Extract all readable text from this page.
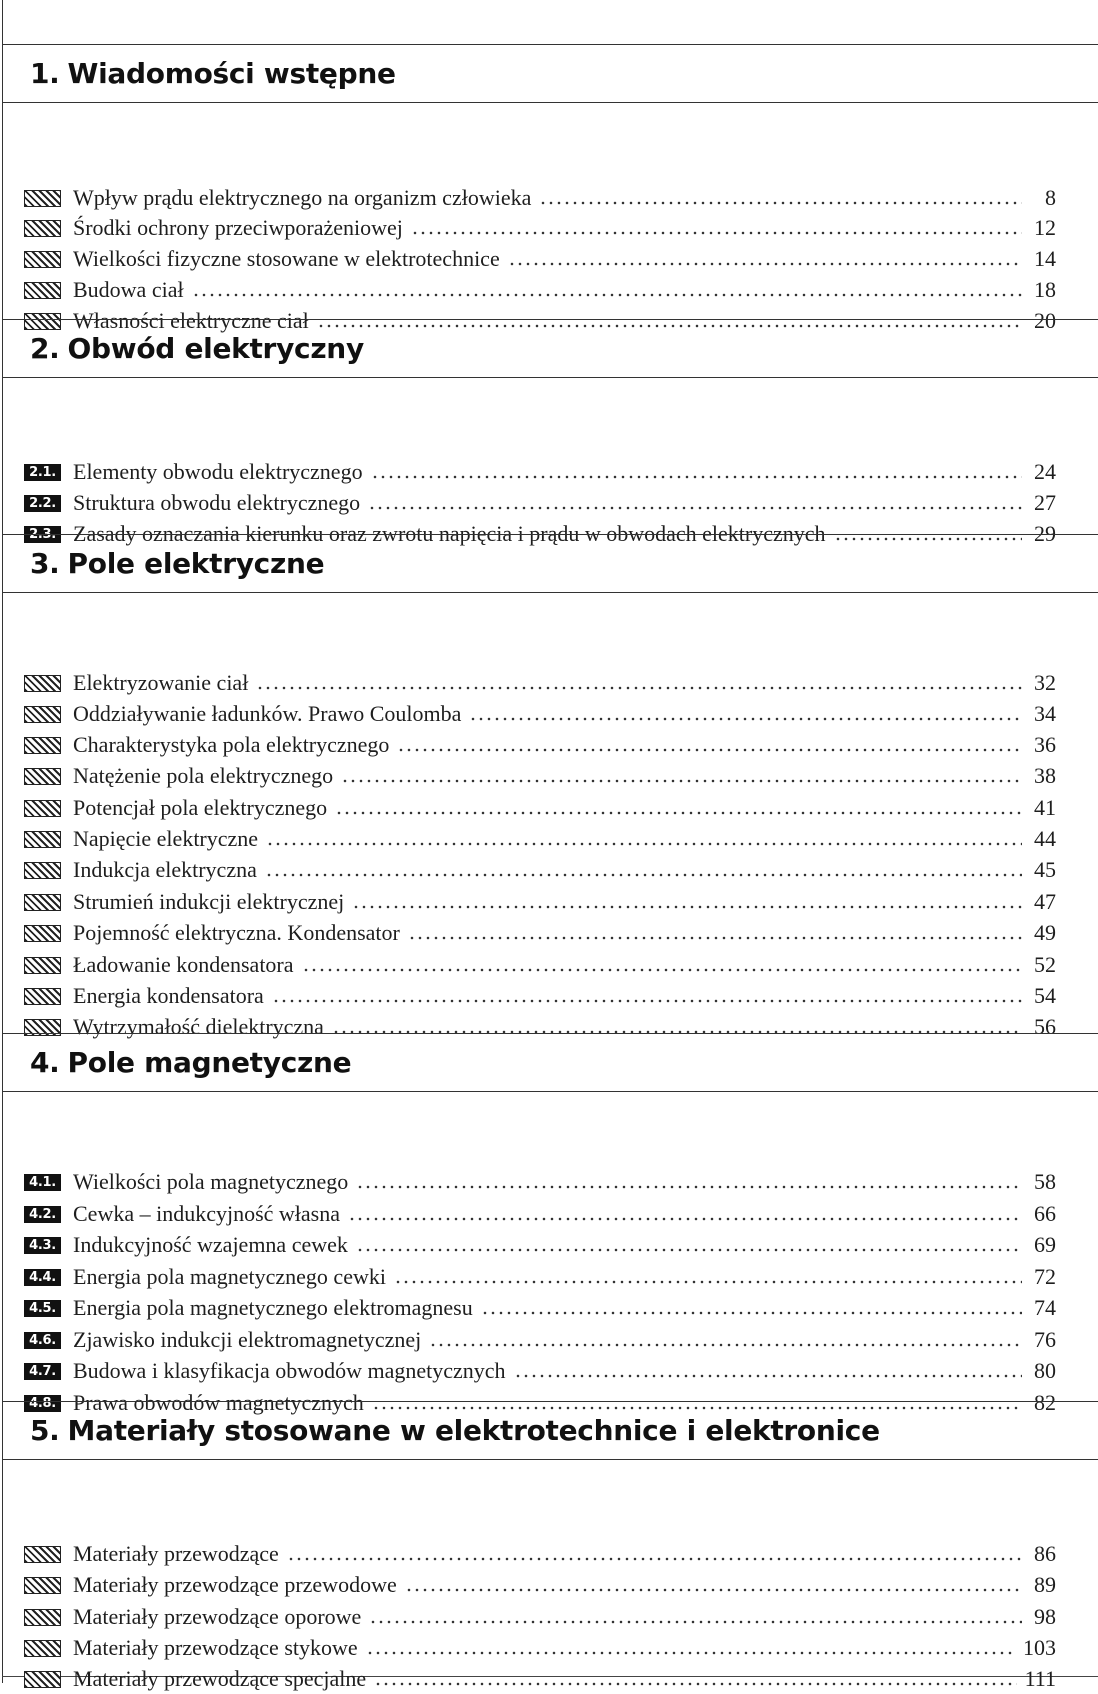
1. Wiadomości wstępne
Wpływ prądu elektrycznego na organizm człowieka	8
Środki ochrony przeciwporażeniowej	12
Wielkości fizyczne stosowane w elektrotechnice	14
Budowa ciał	18
Własności elektryczne ciał	20
2. Obwód elektryczny
2.1. Elementy obwodu elektrycznego	24
2.2. Struktura obwodu elektrycznego	27
2.3. Zasady oznaczania kierunku oraz zwrotu napięcia i prądu w obwodach elektrycznych	29
3. Pole elektryczne
Elektryzowanie ciał	32
Oddziaływanie ładunków. Prawo Coulomba	34
Charakterystyka pola elektrycznego	36
Natężenie pola elektrycznego	38
Potencjał pola elektrycznego	41
Napięcie elektryczne	44
Indukcja elektryczna	45
Strumień indukcji elektrycznej	47
Pojemność elektryczna. Kondensator	49
Ładowanie kondensatora	52
Energia kondensatora	54
Wytrzymałość dielektryczna	56
4. Pole magnetyczne
4.1. Wielkości pola magnetycznego	58
4.2. Cewka – indukcyjność własna	66
4.3. Indukcyjność wzajemna cewek	69
4.4. Energia pola magnetycznego cewki	72
4.5. Energia pola magnetycznego elektromagnesu	74
4.6. Zjawisko indukcji elektromagnetycznej	76
4.7. Budowa i klasyfikacja obwodów magnetycznych	80
4.8. Prawa obwodów magnetycznych	82
5. Materiały stosowane w elektrotechnice i elektronice
Materiały przewodzące	86
Materiały przewodzące przewodowe	89
Materiały przewodzące oporowe	98
Materiały przewodzące stykowe	103
Materiały przewodzące specjalne	111
